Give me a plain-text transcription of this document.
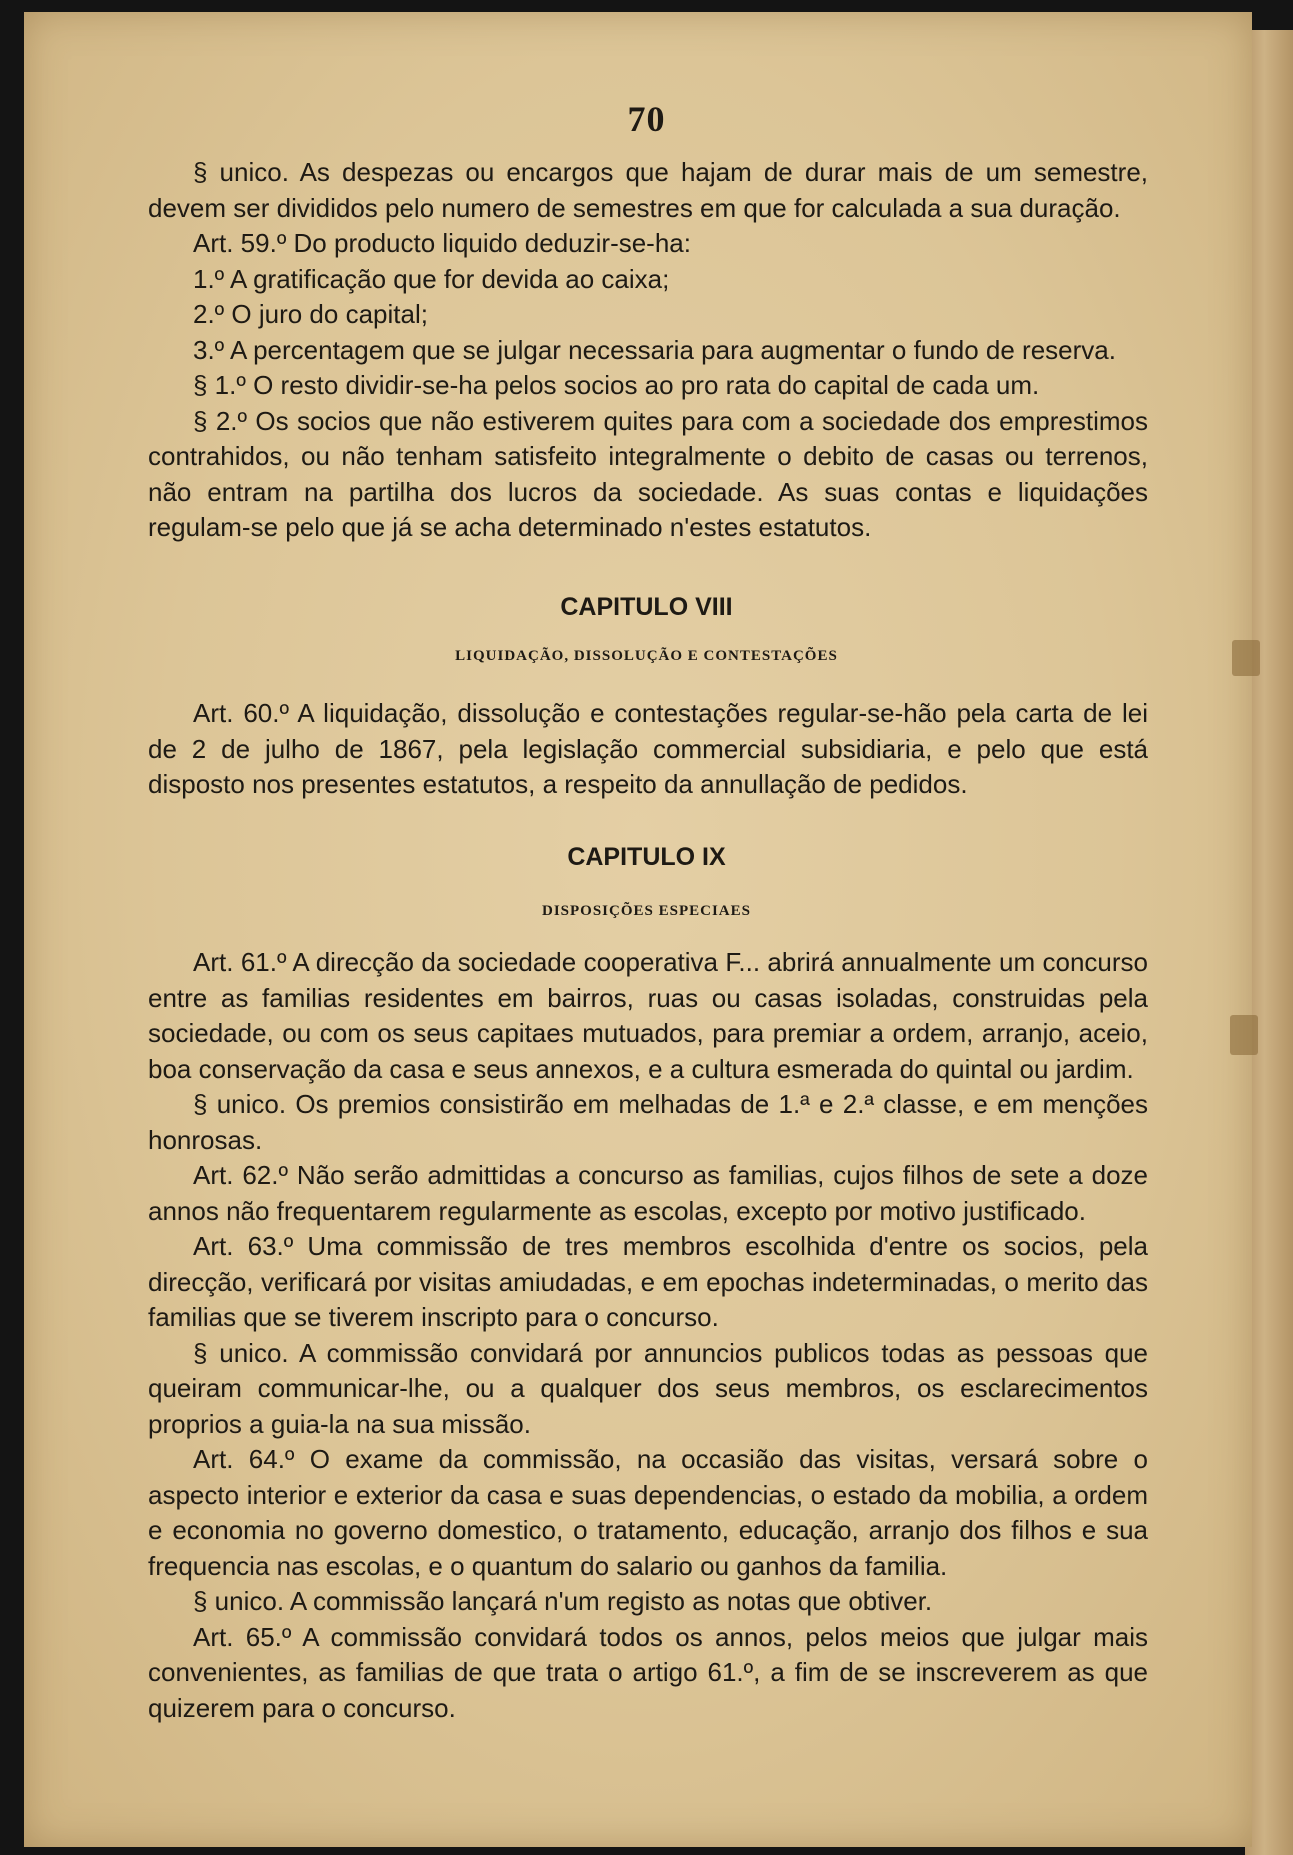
70

§ unico. As despezas ou encargos que hajam de durar mais de um semestre, devem ser divididos pelo numero de semestres em que for calculada a sua duração.

Art. 59.º Do producto liquido deduzir-se-ha:

1.º A gratificação que for devida ao caixa;

2.º O juro do capital;

3.º A percentagem que se julgar necessaria para augmentar o fundo de reserva.

§ 1.º O resto dividir-se-ha pelos socios ao pro rata do capital de cada um.

§ 2.º Os socios que não estiverem quites para com a sociedade dos emprestimos contrahidos, ou não tenham satisfeito integralmente o debito de casas ou terrenos, não entram na partilha dos lucros da sociedade. As suas contas e liquidações regulam-se pelo que já se acha determinado n'estes estatutos.

CAPITULO VIII
LIQUIDAÇÃO, DISSOLUÇÃO E CONTESTAÇÕES

Art. 60.º A liquidação, dissolução e contestações regular-se-hão pela carta de lei de 2 de julho de 1867, pela legislação commercial subsidiaria, e pelo que está disposto nos presentes estatutos, a respeito da annullação de pedidos.

CAPITULO IX
DISPOSIÇÕES ESPECIAES

Art. 61.º A direcção da sociedade cooperativa F... abrirá annualmente um concurso entre as familias residentes em bairros, ruas ou casas isoladas, construidas pela sociedade, ou com os seus capitaes mutuados, para premiar a ordem, arranjo, aceio, boa conservação da casa e seus annexos, e a cultura esmerada do quintal ou jardim.

§ unico. Os premios consistirão em melhadas de 1.ª e 2.ª classe, e em menções honrosas.

Art. 62.º Não serão admittidas a concurso as familias, cujos filhos de sete a doze annos não frequentarem regularmente as escolas, excepto por motivo justificado.

Art. 63.º Uma commissão de tres membros escolhida d'entre os socios, pela direcção, verificará por visitas amiudadas, e em epochas indeterminadas, o merito das familias que se tiverem inscripto para o concurso.

§ unico. A commissão convidará por annuncios publicos todas as pessoas que queiram communicar-lhe, ou a qualquer dos seus membros, os esclarecimentos proprios a guia-la na sua missão.

Art. 64.º O exame da commissão, na occasião das visitas, versará sobre o aspecto interior e exterior da casa e suas dependencias, o estado da mobilia, a ordem e economia no governo domestico, o tratamento, educação, arranjo dos filhos e sua frequencia nas escolas, e o quantum do salario ou ganhos da familia.

§ unico. A commissão lançará n'um registo as notas que obtiver.

Art. 65.º A commissão convidará todos os annos, pelos meios que julgar mais convenientes, as familias de que trata o artigo 61.º, a fim de se inscreverem as que quizerem para o concurso.
